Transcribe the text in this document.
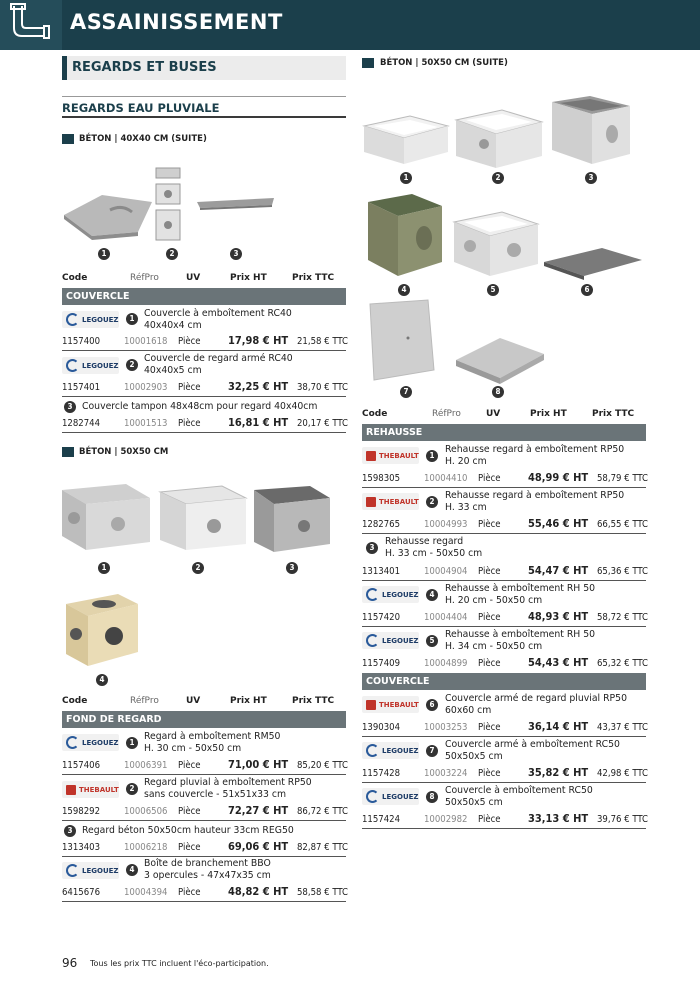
ASSAINISSEMENT
REGARDS ET BUSES
REGARDS EAU PLUVIALE
BÉTON | 40X40 CM (SUITE)
1	2	3
Code	RéfPro	UV	Prix HT	Prix TTC
COUVERCLE
LEGOUEZ	1	Couvercle à emboîtement RC40
40x40x4 cm
1157400	10001618 Pièce 17,98 € HT 21,58 € TTC
LEGOUEZ	2
Couvercle de regard armé RC40
40x40x5 cm
1157401	10002903 Pièce 32,25 € HT 38,70 € TTC
3	Couvercle tampon 48x48cm pour regard 40x40cm
1282744	10001513 Pièce 16,81 € HT 20,17 € TTC
BÉTON | 50X50 CM
1	2	3
4
Code	RéfPro	UV	Prix HT	Prix TTC
FOND DE REGARD
LEGOUEZ	1
Regard à emboîtement RM50
H. 30 cm - 50x50 cm
1157406	10006391 Pièce 71,00 € HT 85,20 € TTC
THEBAULT	2
Regard pluvial à emboîtement RP50
sans couvercle - 51x51x33 cm
1598292	10006506 Pièce 72,27 € HT 86,72 € TTC
3	Regard béton 50x50cm hauteur 33cm REG50
1313403	10006218 Pièce 69,06 € HT 82,87 € TTC
LEGOUEZ	4
Boîte de branchement BBO
3 opercules - 47x47x35 cm
6415676	10004394 Pièce 48,82 € HT 58,58 € TTC
BÉTON | 50X50 CM (SUITE)
1	2	3
4	5	6
7	8
Code	RéfPro	UV	Prix HT	Prix TTC
REHAUSSE
THEBAULT	1
Rehausse regard à emboîtement RP50
H. 20 cm
1598305	10004410 Pièce 48,99 € HT 58,79 € TTC
THEBAULT	2
Rehausse regard à emboîtement RP50
H. 33 cm
1282765	10004993 Pièce 55,46 € HT 66,55 € TTC
3
Rehausse regard
H. 33 cm - 50x50 cm
1313401	10004904 Pièce 54,47 € HT 65,36 € TTC
LEGOUEZ	4
Rehausse à emboîtement RH 50
H. 20 cm - 50x50 cm
1157420	10004404 Pièce 48,93 € HT 58,72 € TTC
LEGOUEZ	5
Rehausse à emboîtement RH 50
H. 34 cm - 50x50 cm
1157409	10004899 Pièce 54,43 € HT 65,32 € TTC
COUVERCLE
THEBAULT	6
Couvercle armé de regard pluvial RP50
60x60 cm
1390304	10003253 Pièce 36,14 € HT 43,37 € TTC
LEGOUEZ	7
Couvercle armé à emboîtement RC50
50x50x5 cm
1157428	10003224 Pièce 35,82 € HT 42,98 € TTC
LEGOUEZ	8
Couvercle à emboîtement RC50
50x50x5 cm
1157424	10002982 Pièce 33,13 € HT 39,76 € TTC
96 Tous les prix TTC incluent l'éco-participation.
